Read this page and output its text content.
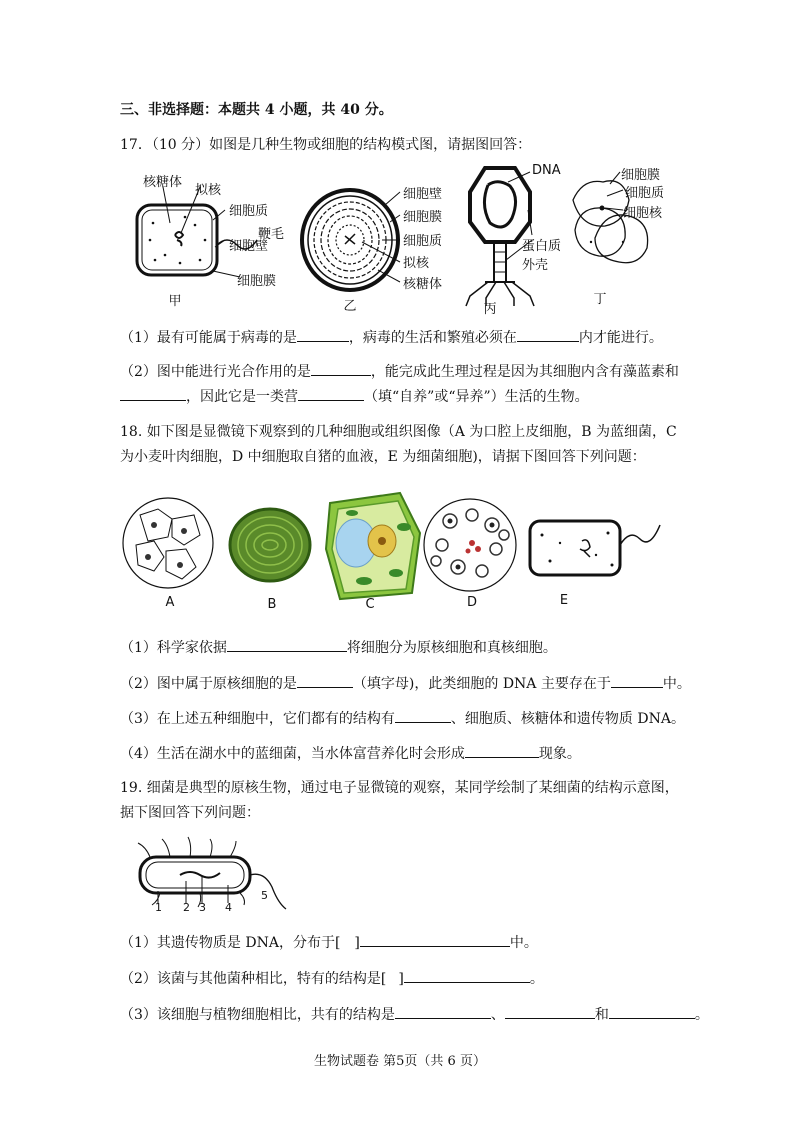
三、非选择题：本题共 4 小题，共 40 分。
17．（10 分）如图是几种生物或细胞的结构模式图，请据图回答：
核糖体
拟核
细胞质
鞭毛
细胞壁
细胞膜
甲
细胞壁
细胞膜
细胞质
拟核
核糖体
乙
DNA
蛋白质
外壳
丙
细胞膜
细胞质
细胞核
丁
（1）最有可能属于病毒的是	，病毒的生活和繁殖必须在	内才能进行。
（2）图中能进行光合作用的是	，能完成此生理过程是因为其细胞内含有藻蓝素和
，因此它是一类营	（填“自养”或“异养”）生活的生物。
18. 如下图是显微镜下观察到的几种细胞或组织图像（A 为口腔上皮细胞，B 为蓝细菌，C
为小麦叶肉细胞，D 中细胞取自猪的血液，E 为细菌细胞)，请据下图回答下列问题：
A	B	C	D	E
（1）科学家依据	将细胞分为原核细胞和真核细胞。
（2）图中属于原核细胞的是	（填字母)，此类细胞的 DNA 主要存在于	中。
（3）在上述五种细胞中，它们都有的结构有	、细胞质、核糖体和遗传物质 DNA。
（4）生活在湖水中的蓝细菌，当水体富营养化时会形成	现象。
19. 细菌是典型的原核生物，通过电子显微镜的观察，某同学绘制了某细菌的结构示意图，
据下图回答下列问题：
1 2 3 4
5
（1）其遗传物质是 DNA，分布于[ ]	中。
（2）该菌与其他菌种相比，特有的结构是[ ]	。
（3）该细胞与植物细胞相比，共有的结构是	、	和	。
生物试题卷 第5页（共 6 页）
